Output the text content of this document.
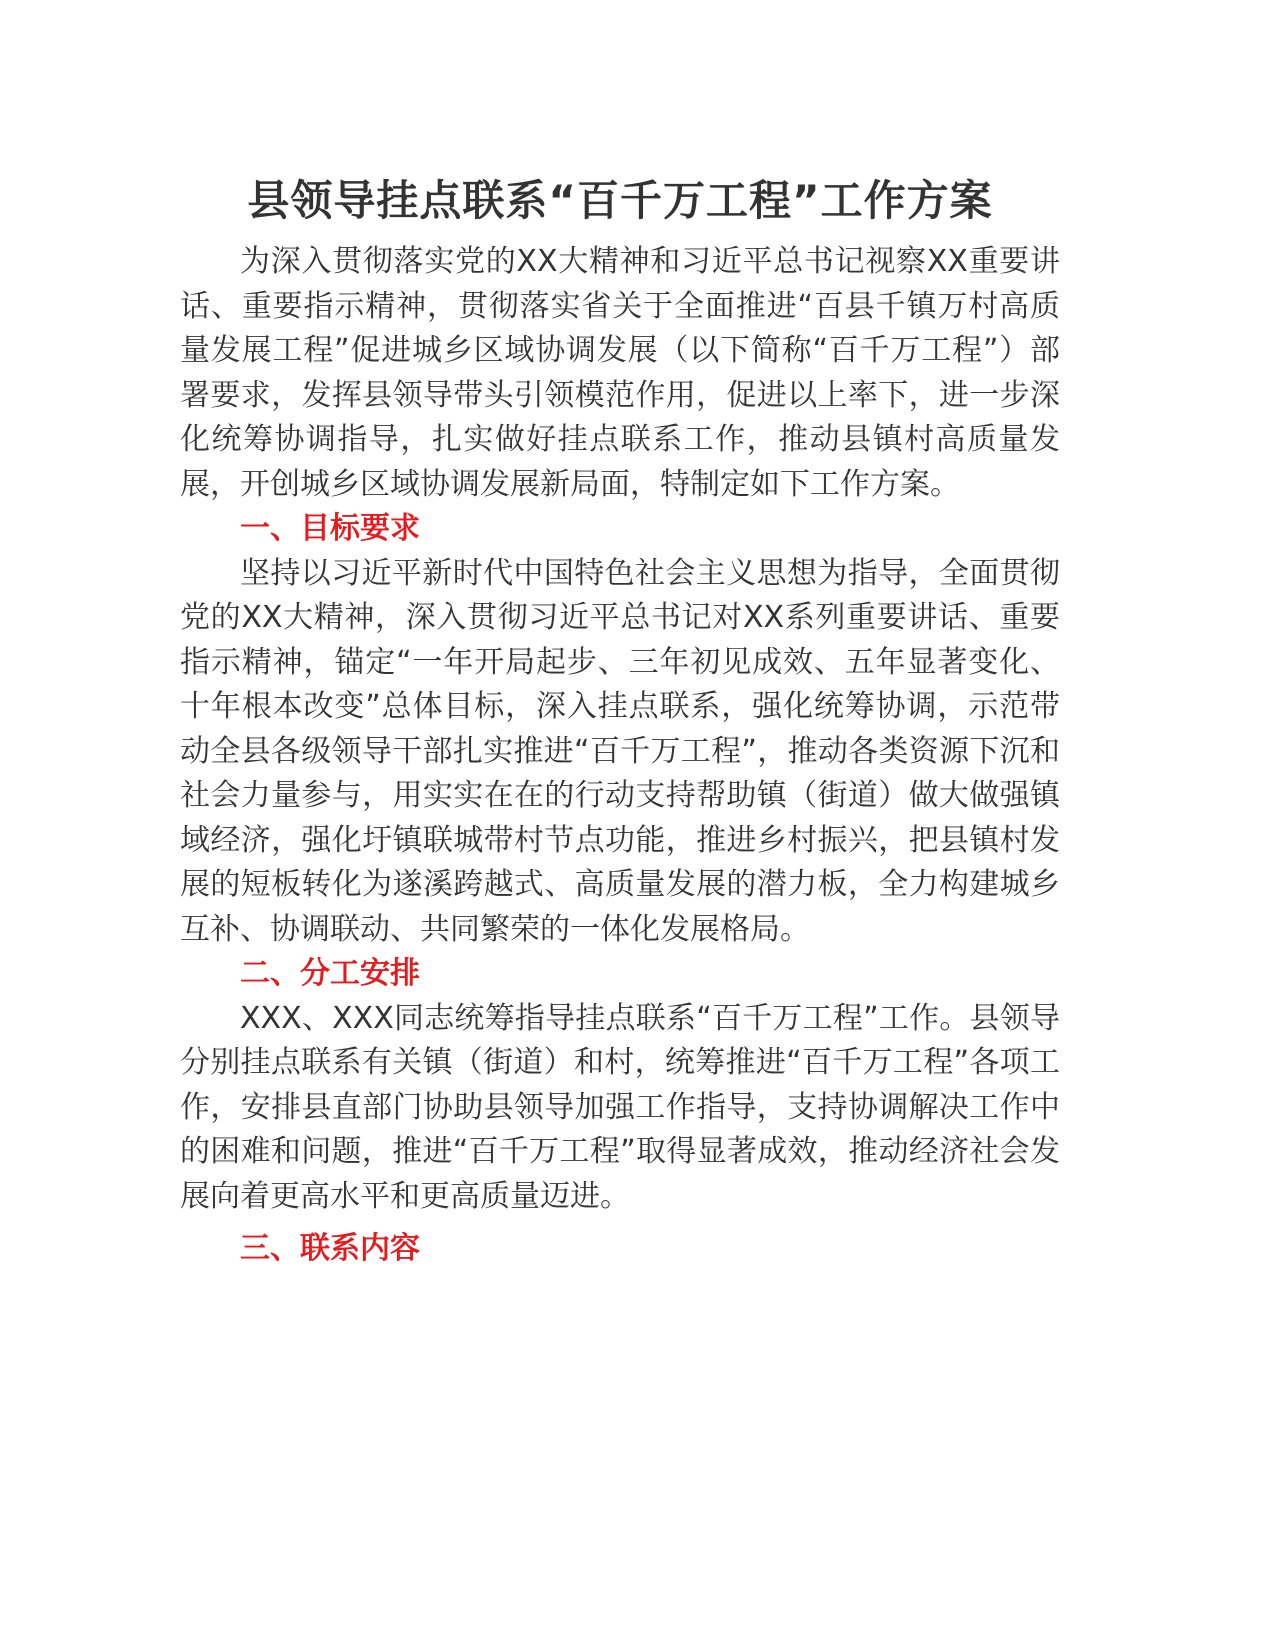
县领导挂点联系“百千万工程”工作方案

为深入贯彻落实党的XX大精神和习近平总书记视察XX重要讲话、重要指示精神，贯彻落实省关于全面推进“百县千镇万村高质量发展工程”促进城乡区域协调发展（以下简称“百千万工程”）部署要求，发挥县领导带头引领模范作用，促进以上率下，进一步深化统筹协调指导，扎实做好挂点联系工作，推动县镇村高质量发展，开创城乡区域协调发展新局面，特制定如下工作方案。

一、目标要求

坚持以习近平新时代中国特色社会主义思想为指导，全面贯彻党的XX大精神，深入贯彻习近平总书记对XX系列重要讲话、重要指示精神，锚定“一年开局起步、三年初见成效、五年显著变化、十年根本改变”总体目标，深入挂点联系，强化统筹协调，示范带动全县各级领导干部扎实推进“百千万工程”，推动各类资源下沉和社会力量参与，用实实在在的行动支持帮助镇（街道）做大做强镇域经济，强化圩镇联城带村节点功能，推进乡村振兴，把县镇村发展的短板转化为遂溪跨越式、高质量发展的潜力板，全力构建城乡互补、协调联动、共同繁荣的一体化发展格局。

二、分工安排

XXX、XXX同志统筹指导挂点联系“百千万工程”工作。县领导分别挂点联系有关镇（街道）和村，统筹推进“百千万工程”各项工作，安排县直部门协助县领导加强工作指导，支持协调解决工作中的困难和问题，推进“百千万工程”取得显著成效，推动经济社会发展向着更高水平和更高质量迈进。

三、联系内容
